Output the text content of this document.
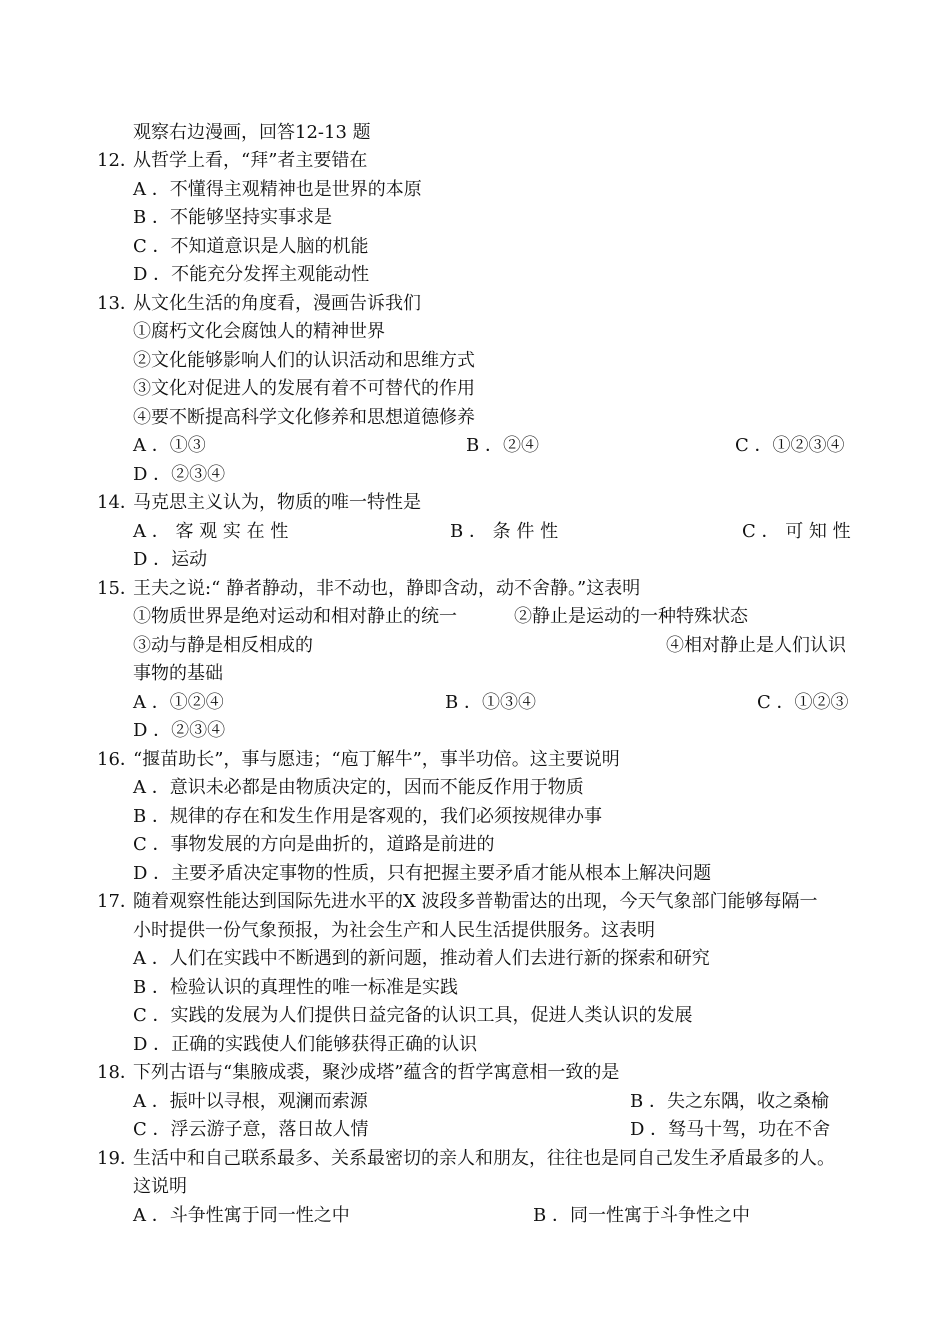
观察右边漫画，回答12-13 题
12．
从哲学上看，“拜”者主要错在
A ．不懂得主观精神也是世界的本原
B ．不能够坚持实事求是
C ．不知道意识是人脑的机能
D ．不能充分发挥主观能动性
13．
从文化生活的角度看，漫画告诉我们
①腐朽文化会腐蚀人的精神世界
②文化能够影响人们的认识活动和思维方式
③文化对促进人的发展有着不可替代的作用
④要不断提高科学文化修养和思想道德修养
A ．①③	B ．②④	C ．①②③④
D ．②③④
14．
马克思主义认为，物质的唯一特性是
A ． 客 观 实 在 性	B ． 条 件 性	C ． 可 知 性
D ．运动
15．
王夫之说:“ 静者静动，非不动也，静即含动，动不舍静。”这表明
①物质世界是绝对运动和相对静止的统一	②静止是运动的一种特殊状态
③动与静是相反相成的	④相对静止是人们认识
事物的基础
A ．①②④	B ．①③④	C ．①②③
D ．②③④
16．
“揠苗助长”，事与愿违；“庖丁解牛”，事半功倍。这主要说明
A ．意识未必都是由物质决定的，因而不能反作用于物质
B ．规律的存在和发生作用是客观的，我们必须按规律办事
C ．事物发展的方向是曲折的，道路是前进的
D ．主要矛盾决定事物的性质，只有把握主要矛盾才能从根本上解决问题
17．
随着观察性能达到国际先进水平的X 波段多普勒雷达的出现，今天气象部门能够每隔一
小时提供一份气象预报，为社会生产和人民生活提供服务。这表明
A ．人们在实践中不断遇到的新问题，推动着人们去进行新的探索和研究
B ．检验认识的真理性的唯一标准是实践
C ．实践的发展为人们提供日益完备的认识工具，促进人类认识的发展
D ．正确的实践使人们能够获得正确的认识
18．
下列古语与“集腋成裘，聚沙成塔”蕴含的哲学寓意相一致的是
A ．振叶以寻根，观澜而索源	B ．失之东隅，收之桑榆
C ．浮云游子意，落日故人情	D ．驽马十驾，功在不舍
19．
生活中和自己联系最多、关系最密切的亲人和朋友，往往也是同自己发生矛盾最多的人。
这说明
A ．斗争性寓于同一性之中	B ．同一性寓于斗争性之中
